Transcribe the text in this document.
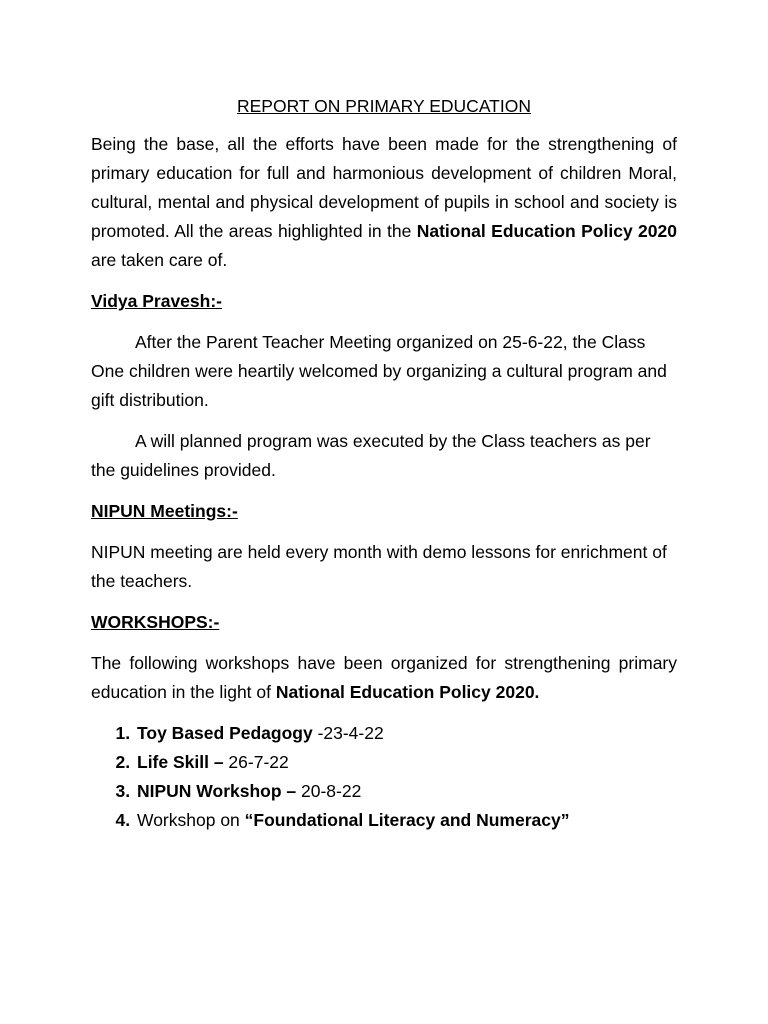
REPORT ON PRIMARY EDUCATION

Being the base, all the efforts have been made for the strengthening of primary education for full and harmonious development of children Moral, cultural, mental and physical development of pupils in school and society is promoted. All the areas highlighted in the National Education Policy 2020 are taken care of.

Vidya Pravesh:-

After the Parent Teacher Meeting organized on 25-6-22, the Class One children were heartily welcomed by organizing a cultural program and gift distribution.

A will planned program was executed by the Class teachers as per the guidelines provided.

NIPUN Meetings:-

NIPUN meeting are held every month with demo lessons for enrichment of the teachers.

WORKSHOPS:-

The following workshops have been organized for strengthening primary education in the light of National Education Policy 2020.

1. Toy Based Pedagogy -23-4-22
2. Life Skill – 26-7-22
3. NIPUN Workshop – 20-8-22
4. Workshop on “Foundational Literacy and Numeracy”
